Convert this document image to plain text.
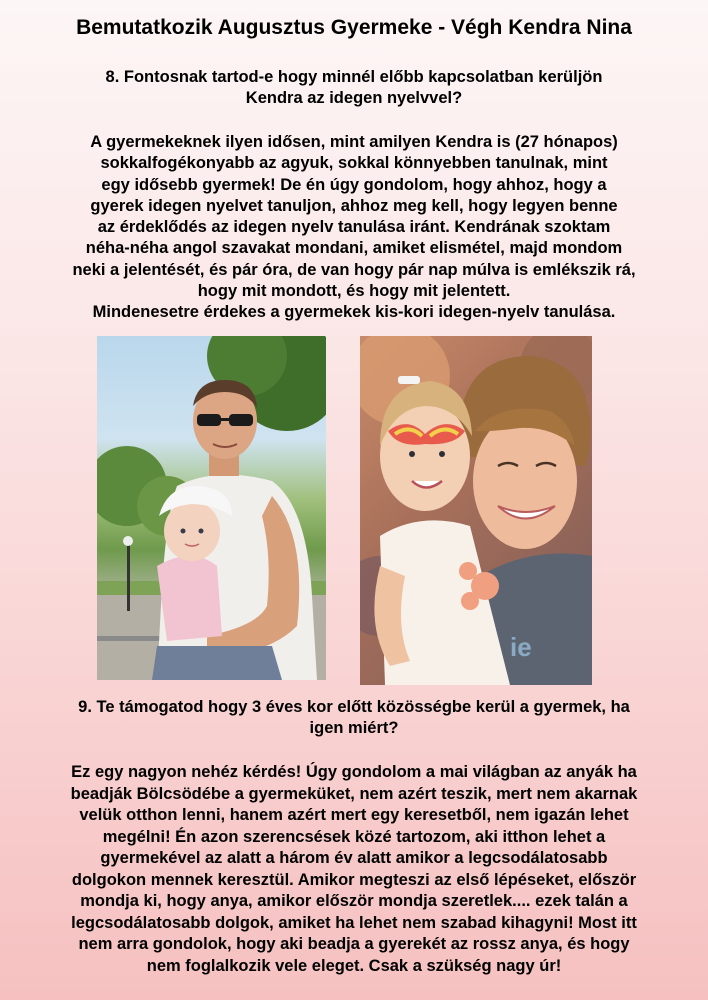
Bemutatkozik Augusztus Gyermeke - Végh Kendra Nina
8. Fontosnak tartod-e hogy minnél előbb kapcsolatban kerüljön
Kendra az idegen nyelvvel?
A gyermekeknek ilyen idősen, mint amilyen Kendra is (27 hónapos)
sokkalfogékonyabb az agyuk, sokkal könnyebben tanulnak, mint
egy idősebb gyermek! De én úgy gondolom, hogy ahhoz, hogy a
gyerek idegen nyelvet tanuljon, ahhoz meg kell, hogy legyen benne
az érdeklődés az idegen nyelv tanulása iránt. Kendrának szoktam
néha-néha angol szavakat mondani, amiket elismétel, majd mondom
neki a jelentését, és pár óra, de van hogy pár nap múlva is emlékszik rá,
hogy mit mondott, és hogy mit jelentett.
Mindenesetre érdekes a gyermekek kis-kori idegen-nyelv tanulása.
ie
9. Te támogatod hogy 3 éves kor előtt közösségbe kerül a gyermek, ha
igen miért?
Ez egy nagyon nehéz kérdés! Úgy gondolom a mai világban az anyák ha
beadják Bölcsödébe a gyermeküket, nem azért teszik, mert nem akarnak
velük otthon lenni, hanem azért mert egy keresetből, nem igazán lehet
megélni! Én azon szerencsések közé tartozom, aki itthon lehet a
gyermekével az alatt a három év alatt amikor a legcsodálatosabb
dolgokon mennek keresztül. Amikor megteszi az első lépéseket, először
mondja ki, hogy anya, amikor először mondja szeretlek.... ezek talán a
legcsodálatosabb dolgok, amiket ha lehet nem szabad kihagyni! Most itt
nem arra gondolok, hogy aki beadja a gyerekét az rossz anya, és hogy
nem foglalkozik vele eleget. Csak a szükség nagy úr!
